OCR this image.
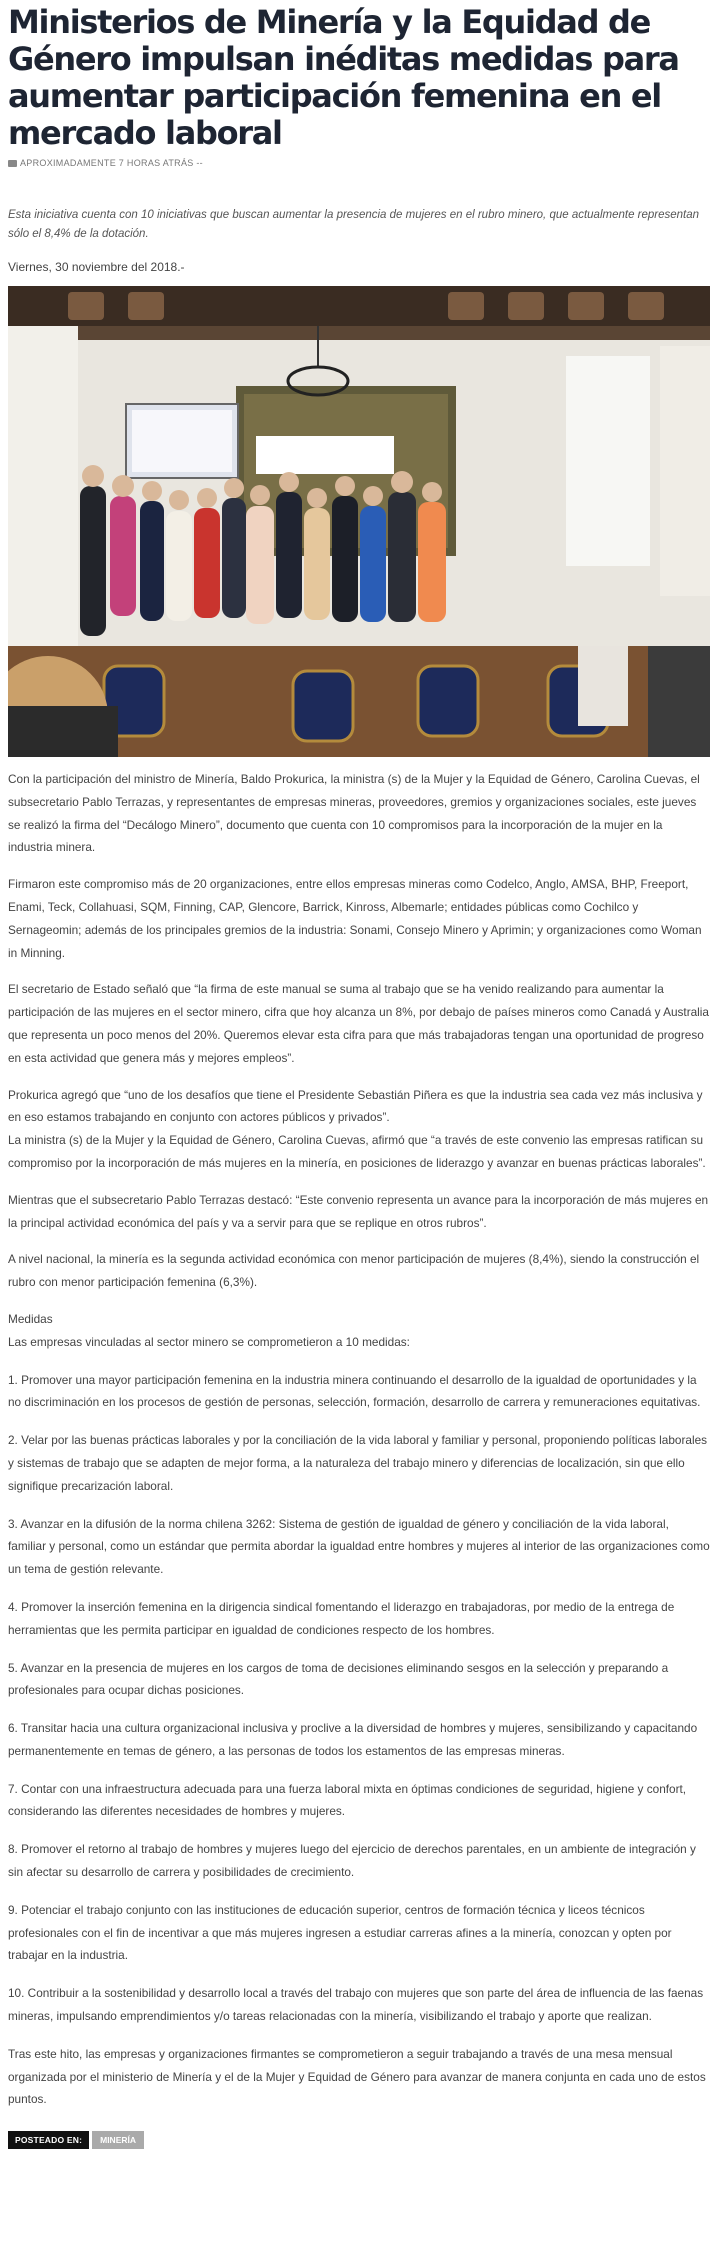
Ministerios de Minería y la Equidad de Género impulsan inéditas medidas para aumentar participación femenina en el mercado laboral
APROXIMADAMENTE 7 HORAS ATRÁS --

Esta iniciativa cuenta con 10 iniciativas que buscan aumentar la presencia de mujeres en el rubro minero, que actualmente representan sólo el 8,4% de la dotación.

Viernes, 30 noviembre del 2018.-

Con la participación del ministro de Minería, Baldo Prokurica, la ministra (s) de la Mujer y la Equidad de Género, Carolina Cuevas, el subsecretario Pablo Terrazas, y representantes de empresas mineras, proveedores, gremios y organizaciones sociales, este jueves se realizó la firma del “Decálogo Minero”, documento que cuenta con 10 compromisos para la incorporación de la mujer en la industria minera.

Firmaron este compromiso más de 20 organizaciones, entre ellos empresas mineras como Codelco, Anglo, AMSA, BHP, Freeport, Enami, Teck, Collahuasi, SQM, Finning, CAP, Glencore, Barrick, Kinross, Albemarle; entidades públicas como Cochilco y Sernageomin; además de los principales gremios de la industria: Sonami, Consejo Minero y Aprimin; y organizaciones como Woman in Minning.

El secretario de Estado señaló que “la firma de este manual se suma al trabajo que se ha venido realizando para aumentar la participación de las mujeres en el sector minero, cifra que hoy alcanza un 8%, por debajo de países mineros como Canadá y Australia que representa un poco menos del 20%. Queremos elevar esta cifra para que más trabajadoras tengan una oportunidad de progreso en esta actividad que genera más y mejores empleos”.

Prokurica agregó que “uno de los desafíos que tiene el Presidente Sebastián Piñera es que la industria sea cada vez más inclusiva y en eso estamos trabajando en conjunto con actores públicos y privados”.

La ministra (s) de la Mujer y la Equidad de Género, Carolina Cuevas, afirmó que “a través de este convenio las empresas ratifican su compromiso por la incorporación de más mujeres en la minería, en posiciones de liderazgo y avanzar en buenas prácticas laborales”.

Mientras que el subsecretario Pablo Terrazas destacó: “Este convenio representa un avance para la incorporación de más mujeres en la principal actividad económica del país y va a servir para que se replique en otros rubros”.

A nivel nacional, la minería es la segunda actividad económica con menor participación de mujeres (8,4%), siendo la construcción el rubro con menor participación femenina (6,3%).

Medidas

Las empresas vinculadas al sector minero se comprometieron a 10 medidas:

1. Promover una mayor participación femenina en la industria minera continuando el desarrollo de la igualdad de oportunidades y la no discriminación en los procesos de gestión de personas, selección, formación, desarrollo de carrera y remuneraciones equitativas.

2. Velar por las buenas prácticas laborales y por la conciliación de la vida laboral y familiar y personal, proponiendo políticas laborales y sistemas de trabajo que se adapten de mejor forma, a la naturaleza del trabajo minero y diferencias de localización, sin que ello signifique precarización laboral.

3. Avanzar en la difusión de la norma chilena 3262: Sistema de gestión de igualdad de género y conciliación de la vida laboral, familiar y personal, como un estándar que permita abordar la igualdad entre hombres y mujeres al interior de las organizaciones como un tema de gestión relevante.

4. Promover la inserción femenina en la dirigencia sindical fomentando el liderazgo en trabajadoras, por medio de la entrega de herramientas que les permita participar en igualdad de condiciones respecto de los hombres.

5. Avanzar en la presencia de mujeres en los cargos de toma de decisiones eliminando sesgos en la selección y preparando a profesionales para ocupar dichas posiciones.

6. Transitar hacia una cultura organizacional inclusiva y proclive a la diversidad de hombres y mujeres, sensibilizando y capacitando permanentemente en temas de género, a las personas de todos los estamentos de las empresas mineras.

7. Contar con una infraestructura adecuada para una fuerza laboral mixta en óptimas condiciones de seguridad, higiene y confort, considerando las diferentes necesidades de hombres y mujeres.

8. Promover el retorno al trabajo de hombres y mujeres luego del ejercicio de derechos parentales, en un ambiente de integración y sin afectar su desarrollo de carrera y posibilidades de crecimiento.

9. Potenciar el trabajo conjunto con las instituciones de educación superior, centros de formación técnica y liceos técnicos profesionales con el fin de incentivar a que más mujeres ingresen a estudiar carreras afines a la minería, conozcan y opten por trabajar en la industria.

10. Contribuir a la sostenibilidad y desarrollo local a través del trabajo con mujeres que son parte del área de influencia de las faenas mineras, impulsando emprendimientos y/o tareas relacionadas con la minería, visibilizando el trabajo y aporte que realizan.

Tras este hito, las empresas y organizaciones firmantes se comprometieron a seguir trabajando a través de una mesa mensual organizada por el ministerio de Minería y el de la Mujer y Equidad de Género para avanzar de manera conjunta en cada uno de estos puntos.

POSTEADO EN:	MINERÍA
